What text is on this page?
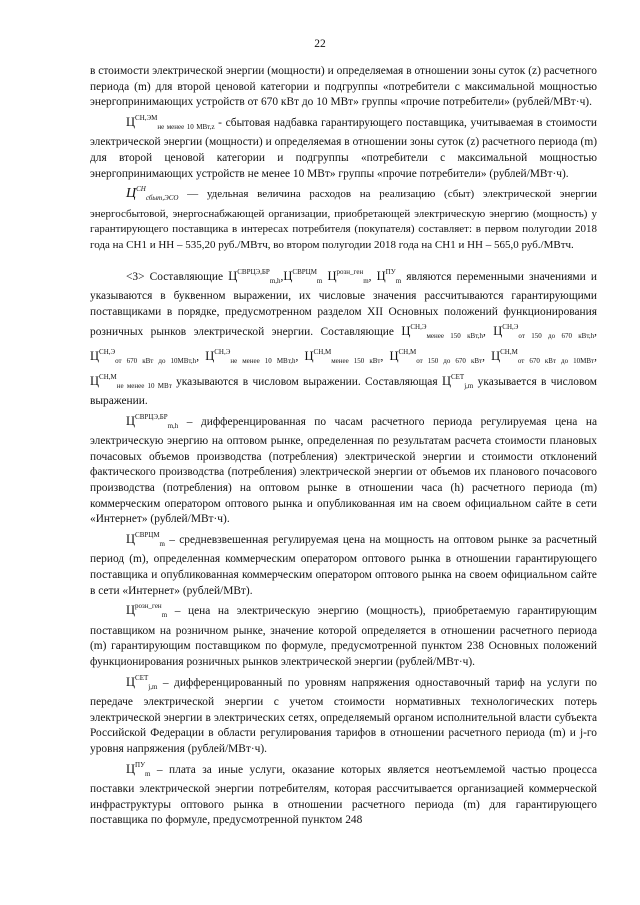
22

в стоимости электрической энергии (мощности) и определяемая в отношении зоны суток (z) расчетного периода (m) для второй ценовой категории и подгруппы «потребители с максимальной мощностью энергопринимающих устройств от 670 кВт до 10 МВт» группы «прочие потребители» (рублей/МВт·ч).

$Ц^{СН,ЭМ}_{не менее 10 МВт,z}$ - сбытовая надбавка гарантирующего поставщика, учитываемая в стоимости электрической энергии (мощности) и определяемая в отношении зоны суток (z) расчетного периода (m) для второй ценовой категории и подгруппы «потребители с максимальной мощностью энергопринимающих устройств не менее 10 МВт» группы «прочие потребители» (рублей/МВт·ч).

$Ц^{СН}_{сбыт,ЭСО}$ — удельная величина расходов на реализацию (сбыт) электрической энергии энергосбытовой, энергоснабжающей организации, приобретающей электрическую энергию (мощность) у гарантирующего поставщика в интересах потребителя (покупателя) составляет: в первом полугодии 2018 года на СН1 и НН – 535,20 руб./МВтч, во втором полугодии 2018 года на СН1 и НН – 565,0 руб./МВтч.

<3> Составляющие $Ц^{СВРЦЭ,БР}_{m,h},Ц^{СВРЦМ}_m$ $Ц^{розн\_ген}_m$, $Ц^{ПУ}_m$ являются переменными значениями и указываются в буквенном выражении, их числовые значения рассчитываются гарантирующими поставщиками в порядке, предусмотренном разделом XII Основных положений функционирования розничных рынков электрической энергии. Составляющие $Ц^{СН,Э}_{менее 150 кВт,h}$, $Ц^{СН,Э}_{от 150 до 670 кВт,h}$, $Ц^{СН,Э}_{от 670 кВт до 10МВт,h}$, $Ц^{СН,Э}_{не менее 10 МВт,h}$, $Ц^{СН,М}_{менее 150 кВт}$, $Ц^{СН,М}_{от 150 до 670 кВт}$, $Ц^{СН,М}_{от 670 кВт до 10МВт}$, $Ц^{СН,М}_{не менее 10 МВт}$ указываются в числовом выражении. Составляющая $Ц^{СЕТ}_{j,m}$ указывается в числовом выражении.

$Ц^{СВРЦЭ,БР}_{m,h}$ – дифференцированная по часам расчетного периода регулируемая цена на электрическую энергию на оптовом рынке, определенная по результатам расчета стоимости плановых почасовых объемов производства (потребления) электрической энергии и стоимости отклонений фактического производства (потребления) электрической энергии от объемов их планового почасового производства (потребления) на оптовом рынке в отношении часа (h) расчетного периода (m) коммерческим оператором оптового рынка и опубликованная им на своем официальном сайте в сети «Интернет» (рублей/МВт·ч).

$Ц^{СВРЦМ}_m$ – средневзвешенная регулируемая цена на мощность на оптовом рынке за расчетный период (m), определенная коммерческим оператором оптового рынка в отношении гарантирующего поставщика и опубликованная коммерческим оператором оптового рынка на своем официальном сайте в сети «Интернет» (рублей/МВт).

$Ц^{розн\_ген}_m$ – цена на электрическую энергию (мощность), приобретаемую гарантирующим поставщиком на розничном рынке, значение которой определяется в отношении расчетного периода (m) гарантирующим поставщиком по формуле, предусмотренной пунктом 238 Основных положений функционирования розничных рынков электрической энергии (рублей/МВт·ч).

$Ц^{СЕТ}_{j,m}$ – дифференцированный по уровням напряжения одноставочный тариф на услуги по передаче электрической энергии с учетом стоимости нормативных технологических потерь электрической энергии в электрических сетях, определяемый органом исполнительной власти субъекта Российской Федерации в области регулирования тарифов в отношении расчетного периода (m) и j-го уровня напряжения (рублей/МВт·ч).

$Ц^{ПУ}_m$ – плата за иные услуги, оказание которых является неотъемлемой частью процесса поставки электрической энергии потребителям, которая рассчитывается организацией коммерческой инфраструктуры оптового рынка в отношении расчетного периода (m) для гарантирующего поставщика по формуле, предусмотренной пунктом 248
